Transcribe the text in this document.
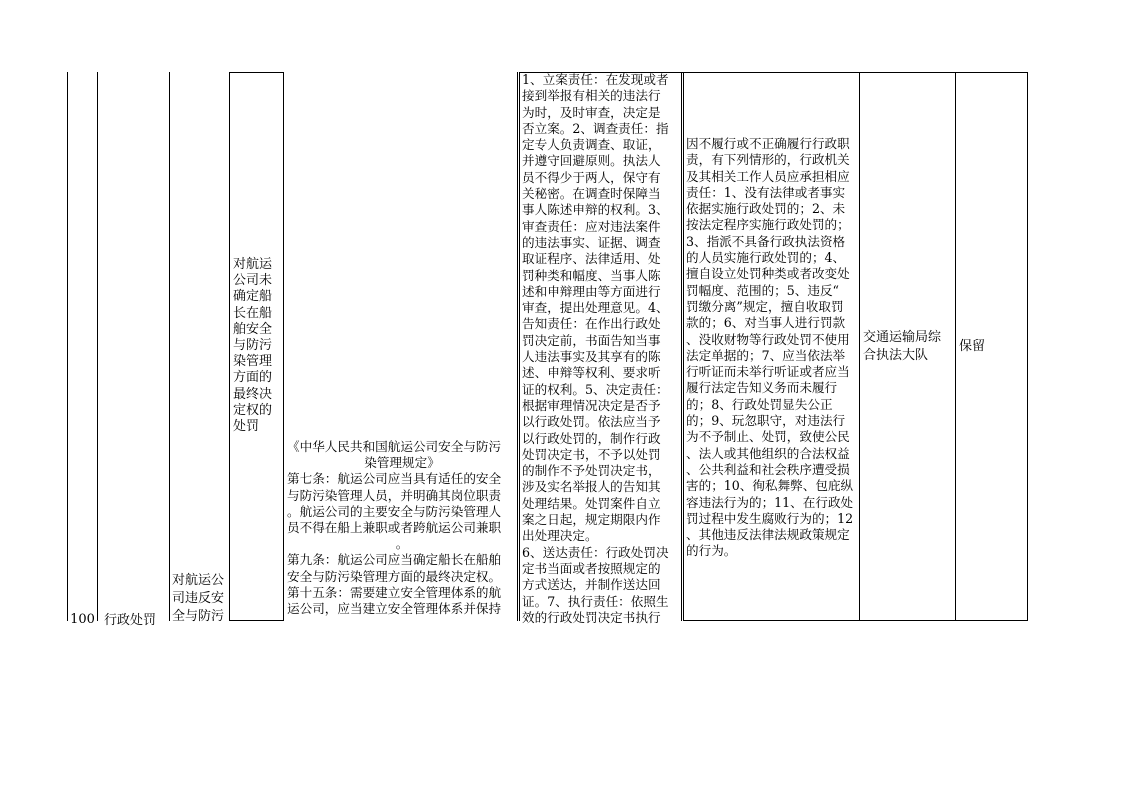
100 行政处罚
对航运公司违反安全与防污
对航运
公司未
确定船
长在船
舶安全
与防污
染管理
方面的
最终决
定权的
处罚
《中华人民共和国航运公司安全与防污
染管理规定》
第七条：航运公司应当具有适任的安全
与防污染管理人员，并明确其岗位职责
。航运公司的主要安全与防污染管理人
员不得在船上兼职或者跨航运公司兼职
。
第九条：航运公司应当确定船长在船舶
安全与防污染管理方面的最终决定权。
第十五条：需要建立安全管理体系的航
运公司，应当建立安全管理体系并保持
1、立案责任：在发现或者
接到举报有相关的违法行
为时，及时审查，决定是
否立案。2、调查责任：指
定专人负责调查、取证，
并遵守回避原则。执法人
员不得少于两人，保守有
关秘密。在调查时保障当
事人陈述申辩的权利。3、
审查责任：应对违法案件
的违法事实、证据、调查
取证程序、法律适用、处
罚种类和幅度、当事人陈
述和申辩理由等方面进行
审查，提出处理意见。4、
告知责任：在作出行政处
罚决定前，书面告知当事
人违法事实及其享有的陈
述、申辩等权利、要求听
证的权利。5、决定责任：
根据审理情况决定是否予
以行政处罚。依法应当予
以行政处罚的，制作行政
处罚决定书，不予以处罚
的制作不予处罚决定书，
涉及实名举报人的告知其
处理结果。处罚案件自立
案之日起，规定期限内作
出处理决定。
6、送达责任：行政处罚决
定书当面或者按照规定的
方式送达，并制作送达回
证。7、执行责任：依照生
效的行政处罚决定书执行
因不履行或不正确履行行政职
责，有下列情形的，行政机关
及其相关工作人员应承担相应
责任：1、没有法律或者事实
依据实施行政处罚的；2、未
按法定程序实施行政处罚的；
3、指派不具备行政执法资格
的人员实施行政处罚的；4、
擅自设立处罚种类或者改变处
罚幅度、范围的；5、违反“
罚缴分离”规定，擅自收取罚
款的；6、对当事人进行罚款
、没收财物等行政处罚不使用
法定单据的；7、应当依法举
行听证而未举行听证或者应当
履行法定告知义务而未履行
的；8、行政处罚显失公正
的；9、玩忽职守，对违法行
为不予制止、处罚，致使公民
、法人或其他组织的合法权益
、公共利益和社会秩序遭受损
害的；10、徇私舞弊、包庇纵
容违法行为的；11、在行政处
罚过程中发生腐败行为的；12
、其他违反法律法规政策规定
的行为。
交通运输局综
合执法大队
保留
